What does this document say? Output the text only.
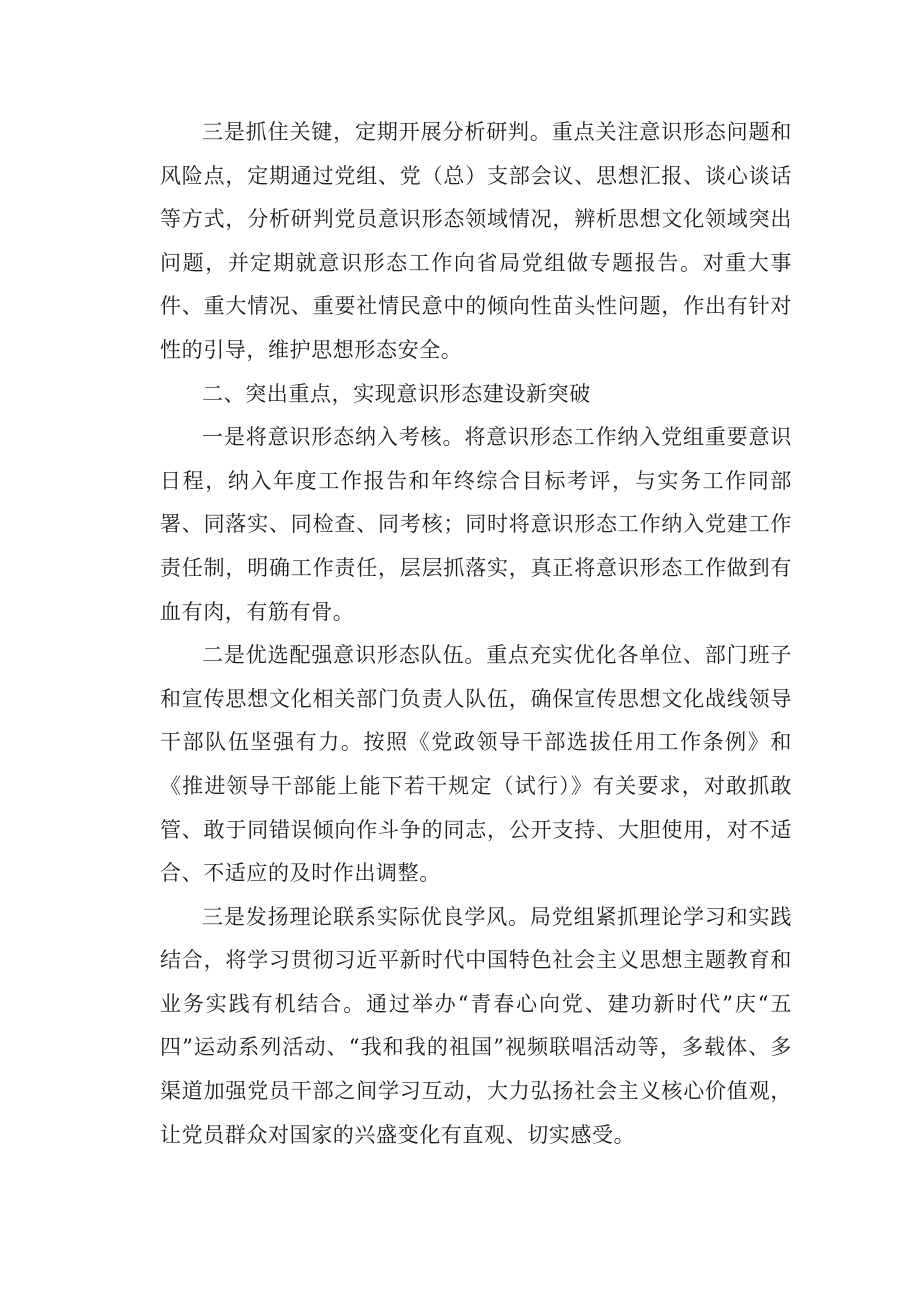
三是抓住关键，定期开展分析研判。重点关注意识形态问题和风险点，定期通过党组、党（总）支部会议、思想汇报、谈心谈话等方式，分析研判党员意识形态领域情况，辨析思想文化领域突出问题，并定期就意识形态工作向省局党组做专题报告。对重大事件、重大情况、重要社情民意中的倾向性苗头性问题，作出有针对性的引导，维护思想形态安全。

二、突出重点，实现意识形态建设新突破

一是将意识形态纳入考核。将意识形态工作纳入党组重要意识日程，纳入年度工作报告和年终综合目标考评，与实务工作同部署、同落实、同检查、同考核；同时将意识形态工作纳入党建工作责任制，明确工作责任，层层抓落实，真正将意识形态工作做到有血有肉，有筋有骨。

二是优选配强意识形态队伍。重点充实优化各单位、部门班子和宣传思想文化相关部门负责人队伍，确保宣传思想文化战线领导干部队伍坚强有力。按照《党政领导干部选拔任用工作条例》和《推进领导干部能上能下若干规定（试行）》有关要求，对敢抓敢管、敢于同错误倾向作斗争的同志，公开支持、大胆使用，对不适合、不适应的及时作出调整。

三是发扬理论联系实际优良学风。局党组紧抓理论学习和实践结合，将学习贯彻习近平新时代中国特色社会主义思想主题教育和业务实践有机结合。通过举办“青春心向党、建功新时代”庆“五四”运动系列活动、“我和我的祖国”视频联唱活动等，多载体、多渠道加强党员干部之间学习互动，大力弘扬社会主义核心价值观，让党员群众对国家的兴盛变化有直观、切实感受。
